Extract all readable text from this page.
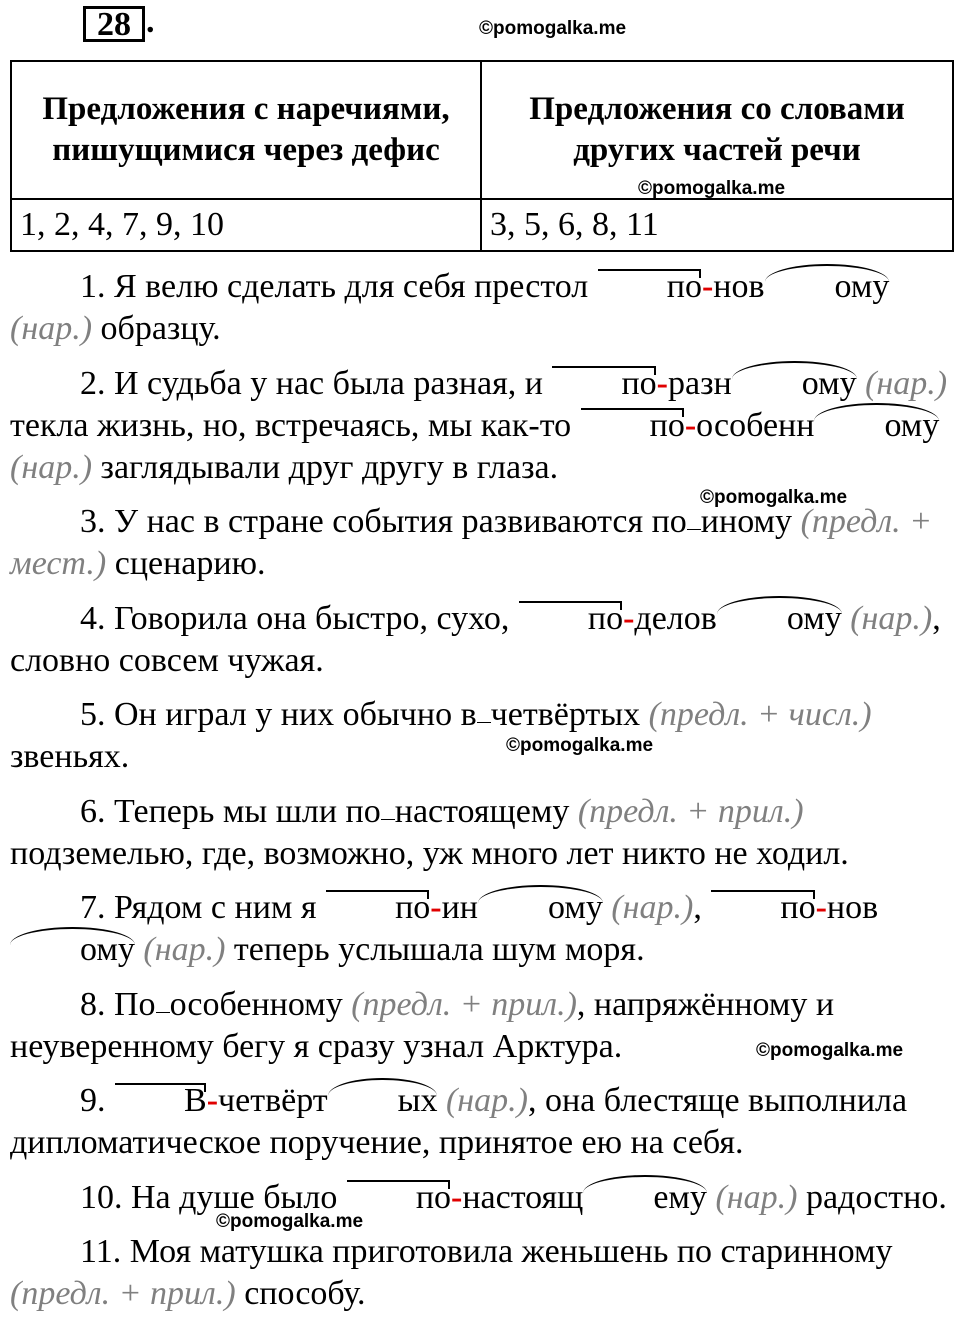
28 .	©pomogalka.me
Предложения с наречиями, пишущимися через дефис	Предложения со словами других частей речи
1, 2, 4, 7, 9, 10	3, 5, 6, 8, 11
©pomogalka.me

1. Я велю сделать для себя престол по-нов ому (нар.) образцу.

2. И судьба у нас была разная, и по-разн ому (нар.) текла жизнь, но, встречаясь, мы как-то по-особенн ому (нар.) заглядывали друг другу в глаза.

3. У нас в стране события развиваются по иному (предл. + мест.) сценарию.

4. Говорила она быстро, сухо, по-делов ому (нар.), словно совсем чужая.

5. Он играл у них обычно в четвёртых (предл. + числ.) звеньях.

6. Теперь мы шли по настоящему (предл. + прил.) подземелью, где, возможно, уж много лет никто не ходил.

7. Рядом с ним я по-ин ому (нар.), по-новому (нар.) теперь услышала шум моря.

8. По особенному (предл. + прил.), напряжённому и неуверенному бегу я сразу узнал Арктура.

9. В-четвёрт ых (нар.), она блестяще выполнила дипломатическое поручение, принятое ею на себя.

10. На душе было по-настоящ ему (нар.) радостно.

11. Моя матушка приготовила женьшень по старинному (предл. + прил.) способу.

©pomogalka.me
©pomogalka.me
©pomogalka.me
©pomogalka.me
